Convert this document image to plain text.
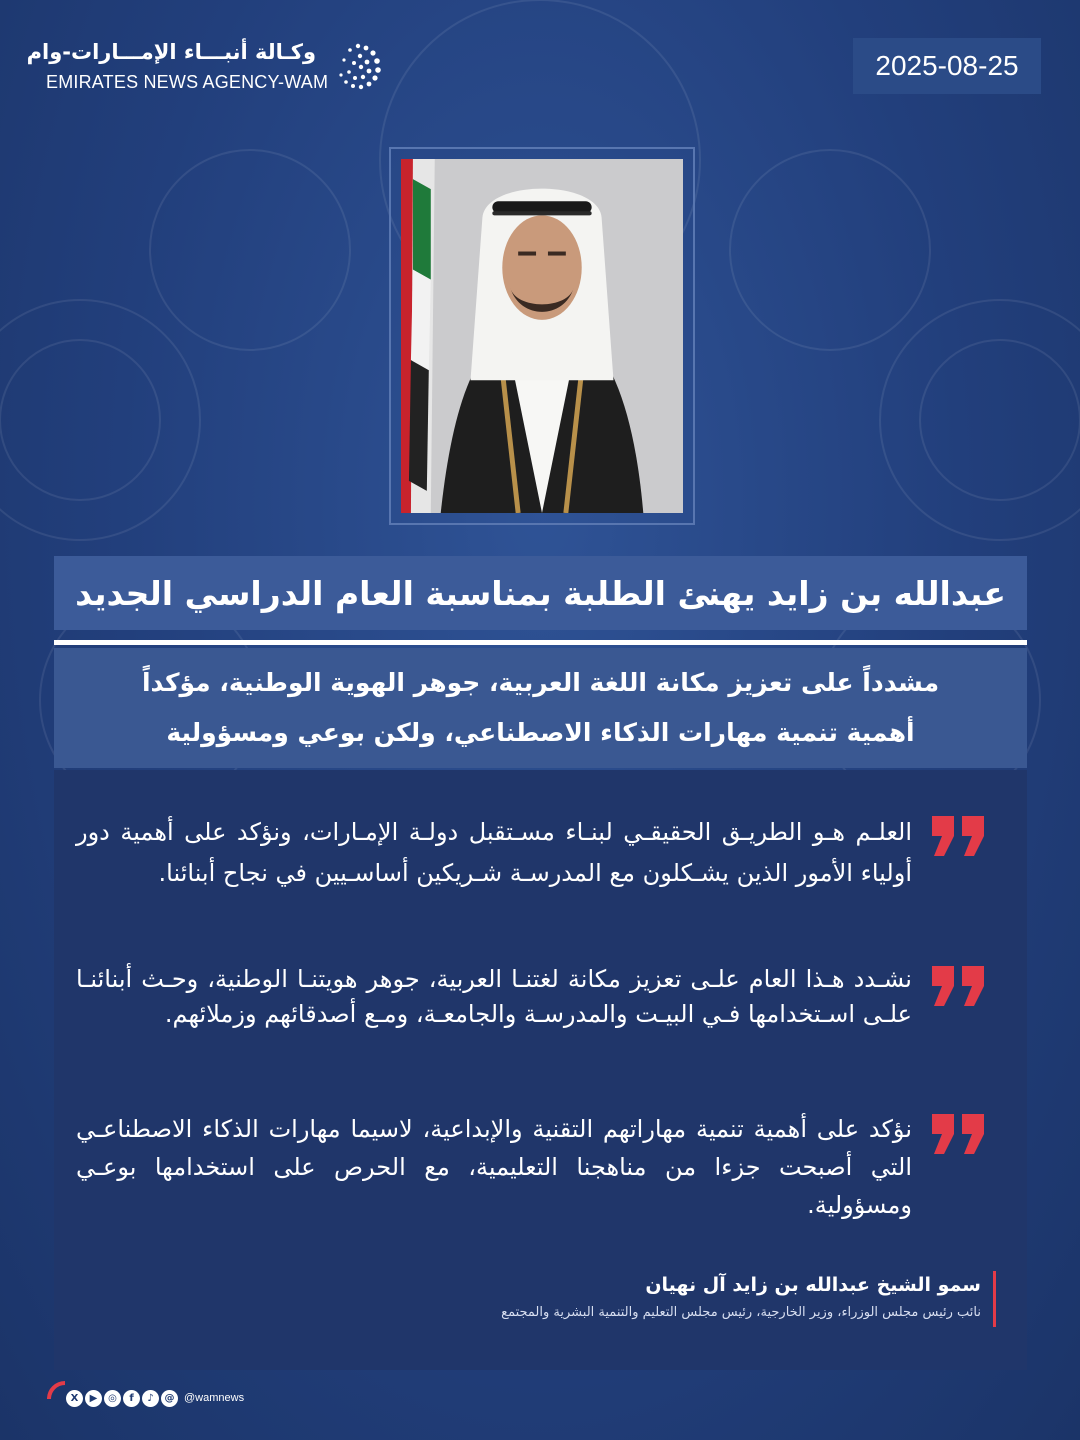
وكـالة أنبـــاء الإمـــارات-وام
EMIRATES NEWS AGENCY-WAM
2025-08-25
عبدالله بن زايد يهنئ الطلبة بمناسبة العام الدراسي الجديد
مشدداً على تعزيز مكانة اللغة العربية، جوهر الهوية الوطنية، مؤكداً
أهمية تنمية مهارات الذكاء الاصطناعي، ولكن بوعي ومسؤولية
العلـم هـو الطريـق الحقيقـي لبنـاء مسـتقبل دولـة الإمـارات، ونؤكد على أهمية دور أولياء الأمور الذين يشـكلون مع المدرسـة شـريكين أساسـيين في نجاح أبنائنا.
نشـدد هـذا العام علـى تعزيز مكانة لغتنـا العربية، جوهر هويتنـا الوطنية، وحـث أبنائنـا علـى اسـتخدامها فـي البيـت والمدرسـة والجامعـة، ومـع أصدقائهم وزملائهم.
نؤكد على أهمية تنمية مهاراتهم التقنية والإبداعية، لاسيما مهارات الذكاء الاصطناعـي التي أصبحت جزءا من مناهجنا التعليمية، مع الحرص على استخدامها بوعـي ومسؤولية.
سمو الشيخ عبدالله بن زايد آل نهيان
نائب رئيس مجلس الوزراء، وزير الخارجية، رئيس مجلس التعليم والتنمية البشرية والمجتمع
X	▶	◎	f	♪	@ @wamnews
